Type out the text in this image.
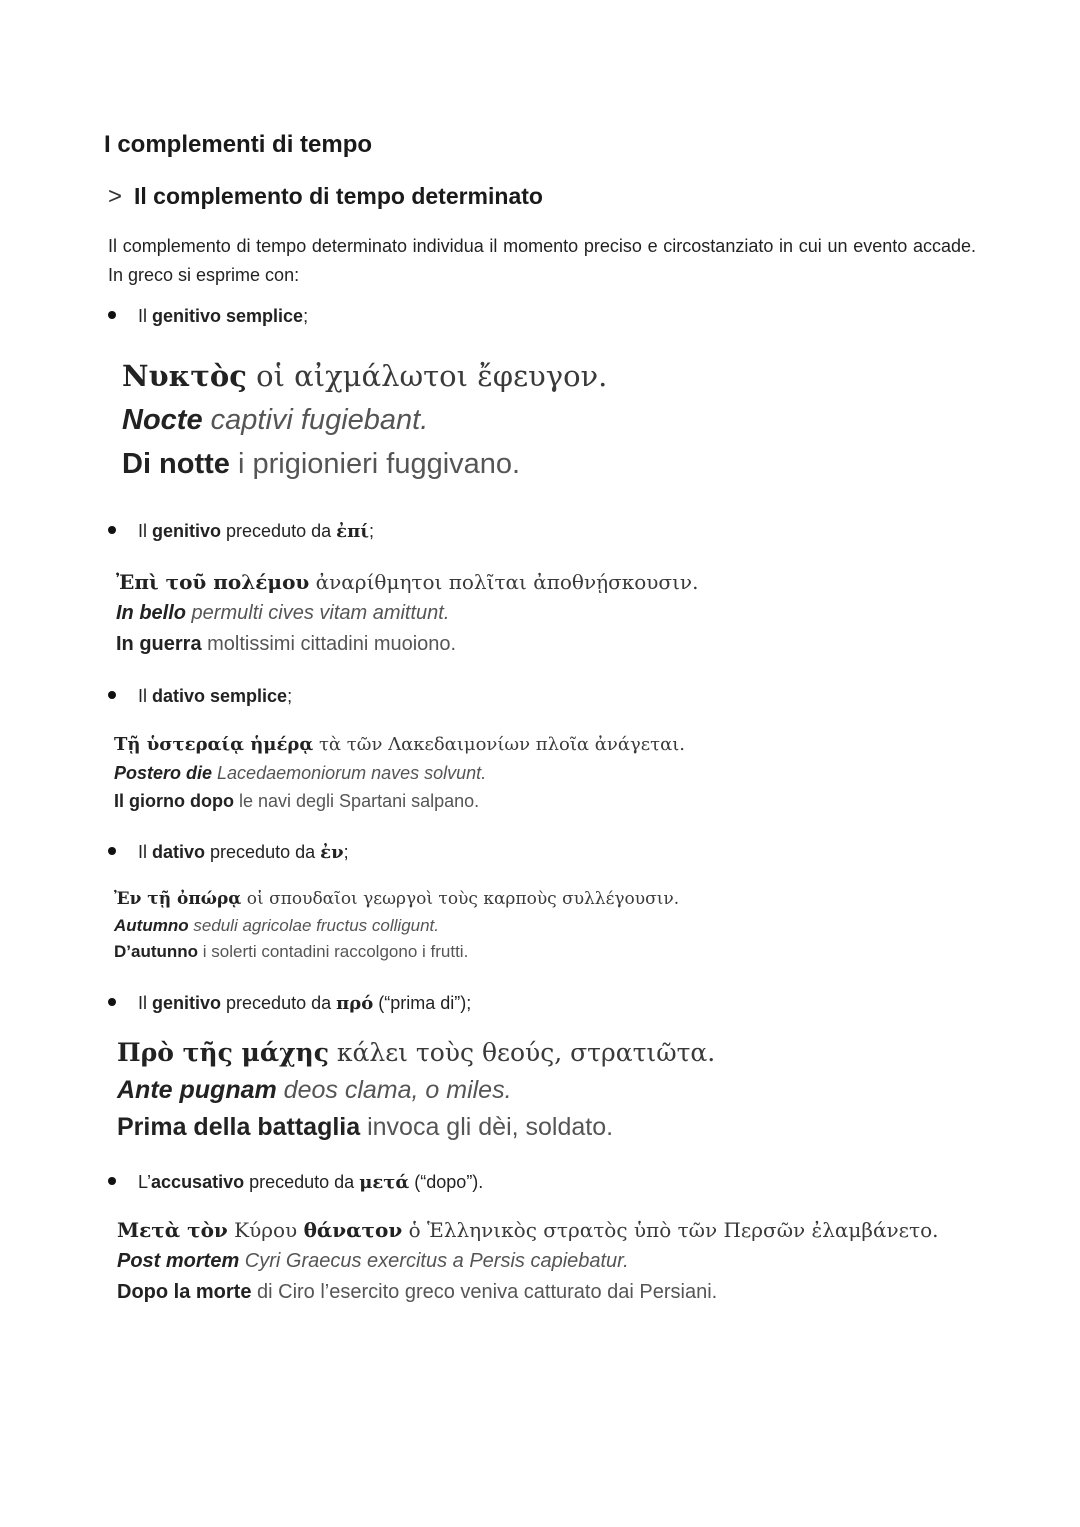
I complementi di tempo
> Il complemento di tempo determinato

Il complemento di tempo determinato individua il momento preciso e circostanziato in cui un evento accade. In greco si esprime con:

Il genitivo semplice;

Νυκτὸς οἱ αἰχμάλωτοι ἔφευγον.
Nocte captivi fugiebant.
Di notte i prigionieri fuggivano.

Il genitivo preceduto da ἐπί;

Ἐπὶ τοῦ πολέμου ἀναρίθμητοι πολῖται ἀποθνῄσκουσιν.
In bello permulti cives vitam amittunt.
In guerra moltissimi cittadini muoiono.

Il dativo semplice;

Τῇ ὑστεραίᾳ ἡμέρᾳ τὰ τῶν Λακεδαιμονίων πλοῖα ἀνάγεται.
Postero die Lacedaemoniorum naves solvunt.
Il giorno dopo le navi degli Spartani salpano.

Il dativo preceduto da ἐν;

Ἐν τῇ ὀπώρᾳ οἱ σπουδαῖοι γεωργοὶ τοὺς καρποὺς συλλέγουσιν.
Autumno seduli agricolae fructus colligunt.
D’autunno i solerti contadini raccolgono i frutti.

Il genitivo preceduto da πρό (“prima di”);

Πρὸ τῆς μάχης κάλει τοὺς θεούς, στρατιῶτα.
Ante pugnam deos clama, o miles.
Prima della battaglia invoca gli dèi, soldato.

L’accusativo preceduto da μετά (“dopo”).

Μετὰ τὸν Κύρου θάνατον ὁ Ἑλληνικὸς στρατὸς ὑπὸ τῶν Περσῶν ἐλαμβάνετο.
Post mortem Cyri Graecus exercitus a Persis capiebatur.
Dopo la morte di Ciro l’esercito greco veniva catturato dai Persiani.
